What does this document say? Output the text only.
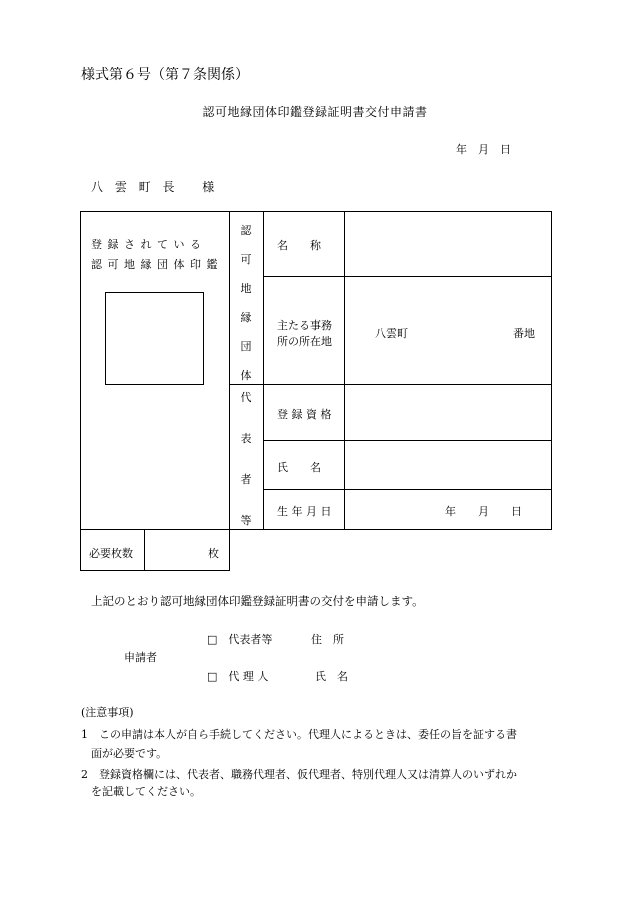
様式第６号（第７条関係）
認可地縁団体印鑑登録証明書交付申請書
年　月　日
八 雲 町 長　 様
登 録 さ れ て い る
認 可 地 縁 団 体 印 鑑
認
可
地
縁
団
体
代
表
者
等
名　　称
主たる事務
所の所在地
八雲町	番地
登 録 資 格
氏　　名
生 年 月 日	年　　月　　日
必要枚数	枚
上記のとおり認可地縁団体印鑑登録証明書の交付を申請します。
申請者
□　代表者等	住　所
□　代 理 人	氏　名
(注意事項)
1　この申請は本人が自ら手続してください。代理人によるときは、委任の旨を証する書
面が必要です。
2　登録資格欄には、代表者、職務代理者、仮代理者、特別代理人又は清算人のいずれか
を記載してください。
